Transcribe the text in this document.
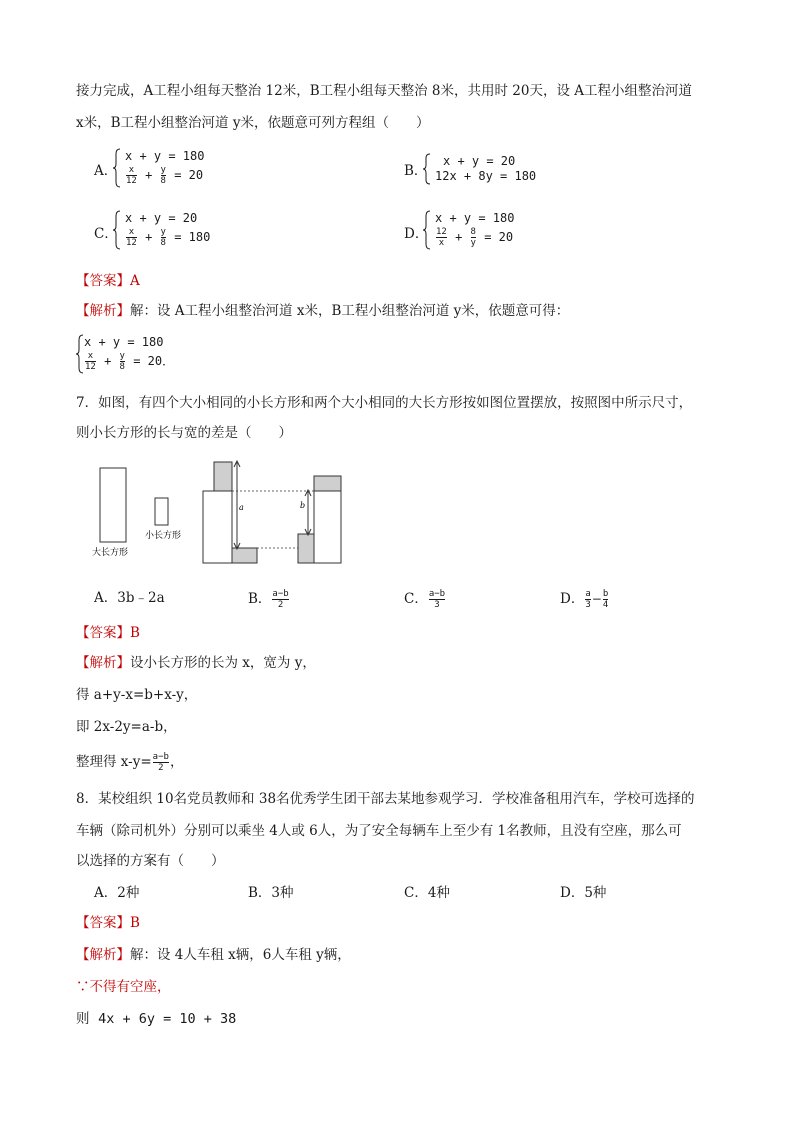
接力完成，A工程小组每天整治 12米，B工程小组每天整治 8米，共用时 20天，设 A工程小组整治河道
x米，B工程小组整治河道 y米，依题意可列方程组（　　）
A．
x + y = 180
$\frac{x}{12} + \frac{y}{8} = 20$	B．
x + y = 20
12x + 8y = 180
C．
x + y = 20
$\frac{x}{12} + \frac{y}{8} = 180$	D．
x + y = 180
$\frac{12}{x} + \frac{8}{y} = 20$
【答案】A
【解析】解：设 A工程小组整治河道 x米，B工程小组整治河道 y米，依题意可得：
x + y = 180
$\frac{x}{12} + \frac{y}{8} = 20$．
7．如图，有四个大小相同的小长方形和两个大小相同的大长方形按如图位置摆放，按照图中所示尺寸，
则小长方形的长与宽的差是（　　）
大长方形
小长方形
a	b
A．3b﹣2a	B． $\frac{a-b}{2}$	C． $\frac{a-b}{3}$	D． $\frac{a}{3} - \frac{b}{4}$
【答案】B
【解析】设小长方形的长为 x，宽为 y，
得 a+y-x=b+x-y，
即 2x-2y=a-b，
整理得 $x-y= \frac{a-b}{2}$ ，
8．某校组织 10名党员教师和 38名优秀学生团干部去某地参观学习．学校准备租用汽车，学校可选择的
车辆（除司机外）分别可以乘坐 4人或 6人，为了安全每辆车上至少有 1名教师，且没有空座，那么可
以选择的方案有（　　）
A．2种	B．3种	C．4种	D．5种
【答案】B
【解析】解：设 4人车租 x辆，6人车租 y辆，
∵不得有空座，
则 4x + 6y = 10 + 38
